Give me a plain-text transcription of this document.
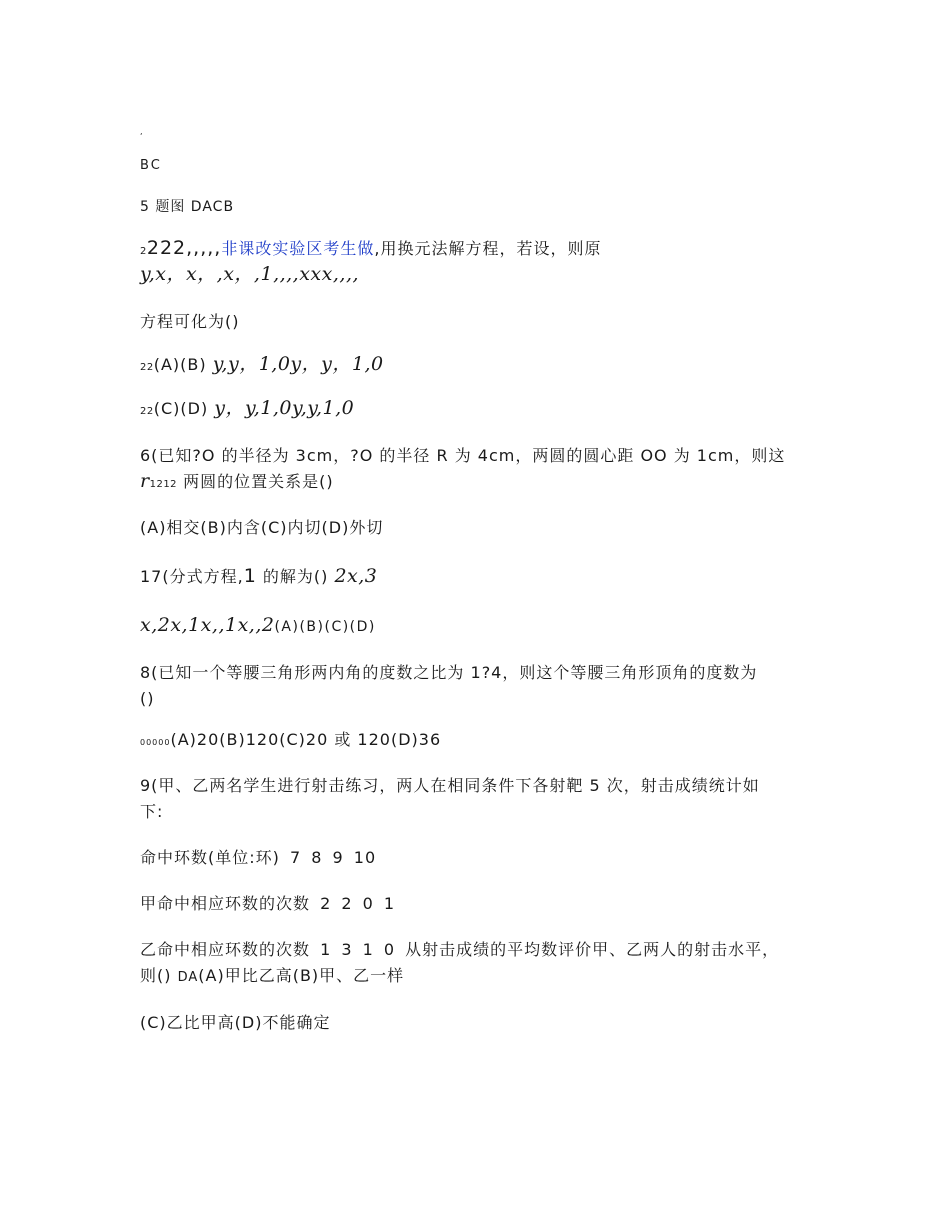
,
BC
5 题图 DACB
2222,,,,,非课改实验区考生做,用换元法解方程，若设，则原
y,x，x，,x，,1,,,,xxx,,,,
方程可化为()
22(A)(B) y,y，1,0y，y，1,0
22(C)(D) y，y,1,0y,y,1,0
6(已知?O 的半径为 3cm，?O 的半径 R 为 4cm，两圆的圆心距 OO 为 1cm，则这
r1212 两圆的位置关系是()
(A)相交(B)内含(C)内切(D)外切
17(分式方程,1 的解为() 2x,3
x,2x,1x,,1x,,2(A)(B)(C)(D)
8(已知一个等腰三角形两内角的度数之比为 1?4，则这个等腰三角形顶角的度数为
()
00000(A)20(B)120(C)20 或 120(D)36
9(甲、乙两名学生进行射击练习，两人在相同条件下各射靶 5 次，射击成绩统计如
下:
命中环数(单位:环) 7 8 9 10
甲命中相应环数的次数 2 2 0 1
乙命中相应环数的次数 1 3 1 0 从射击成绩的平均数评价甲、乙两人的射击水平，
则() DA(A)甲比乙高(B)甲、乙一样
(C)乙比甲高(D)不能确定
